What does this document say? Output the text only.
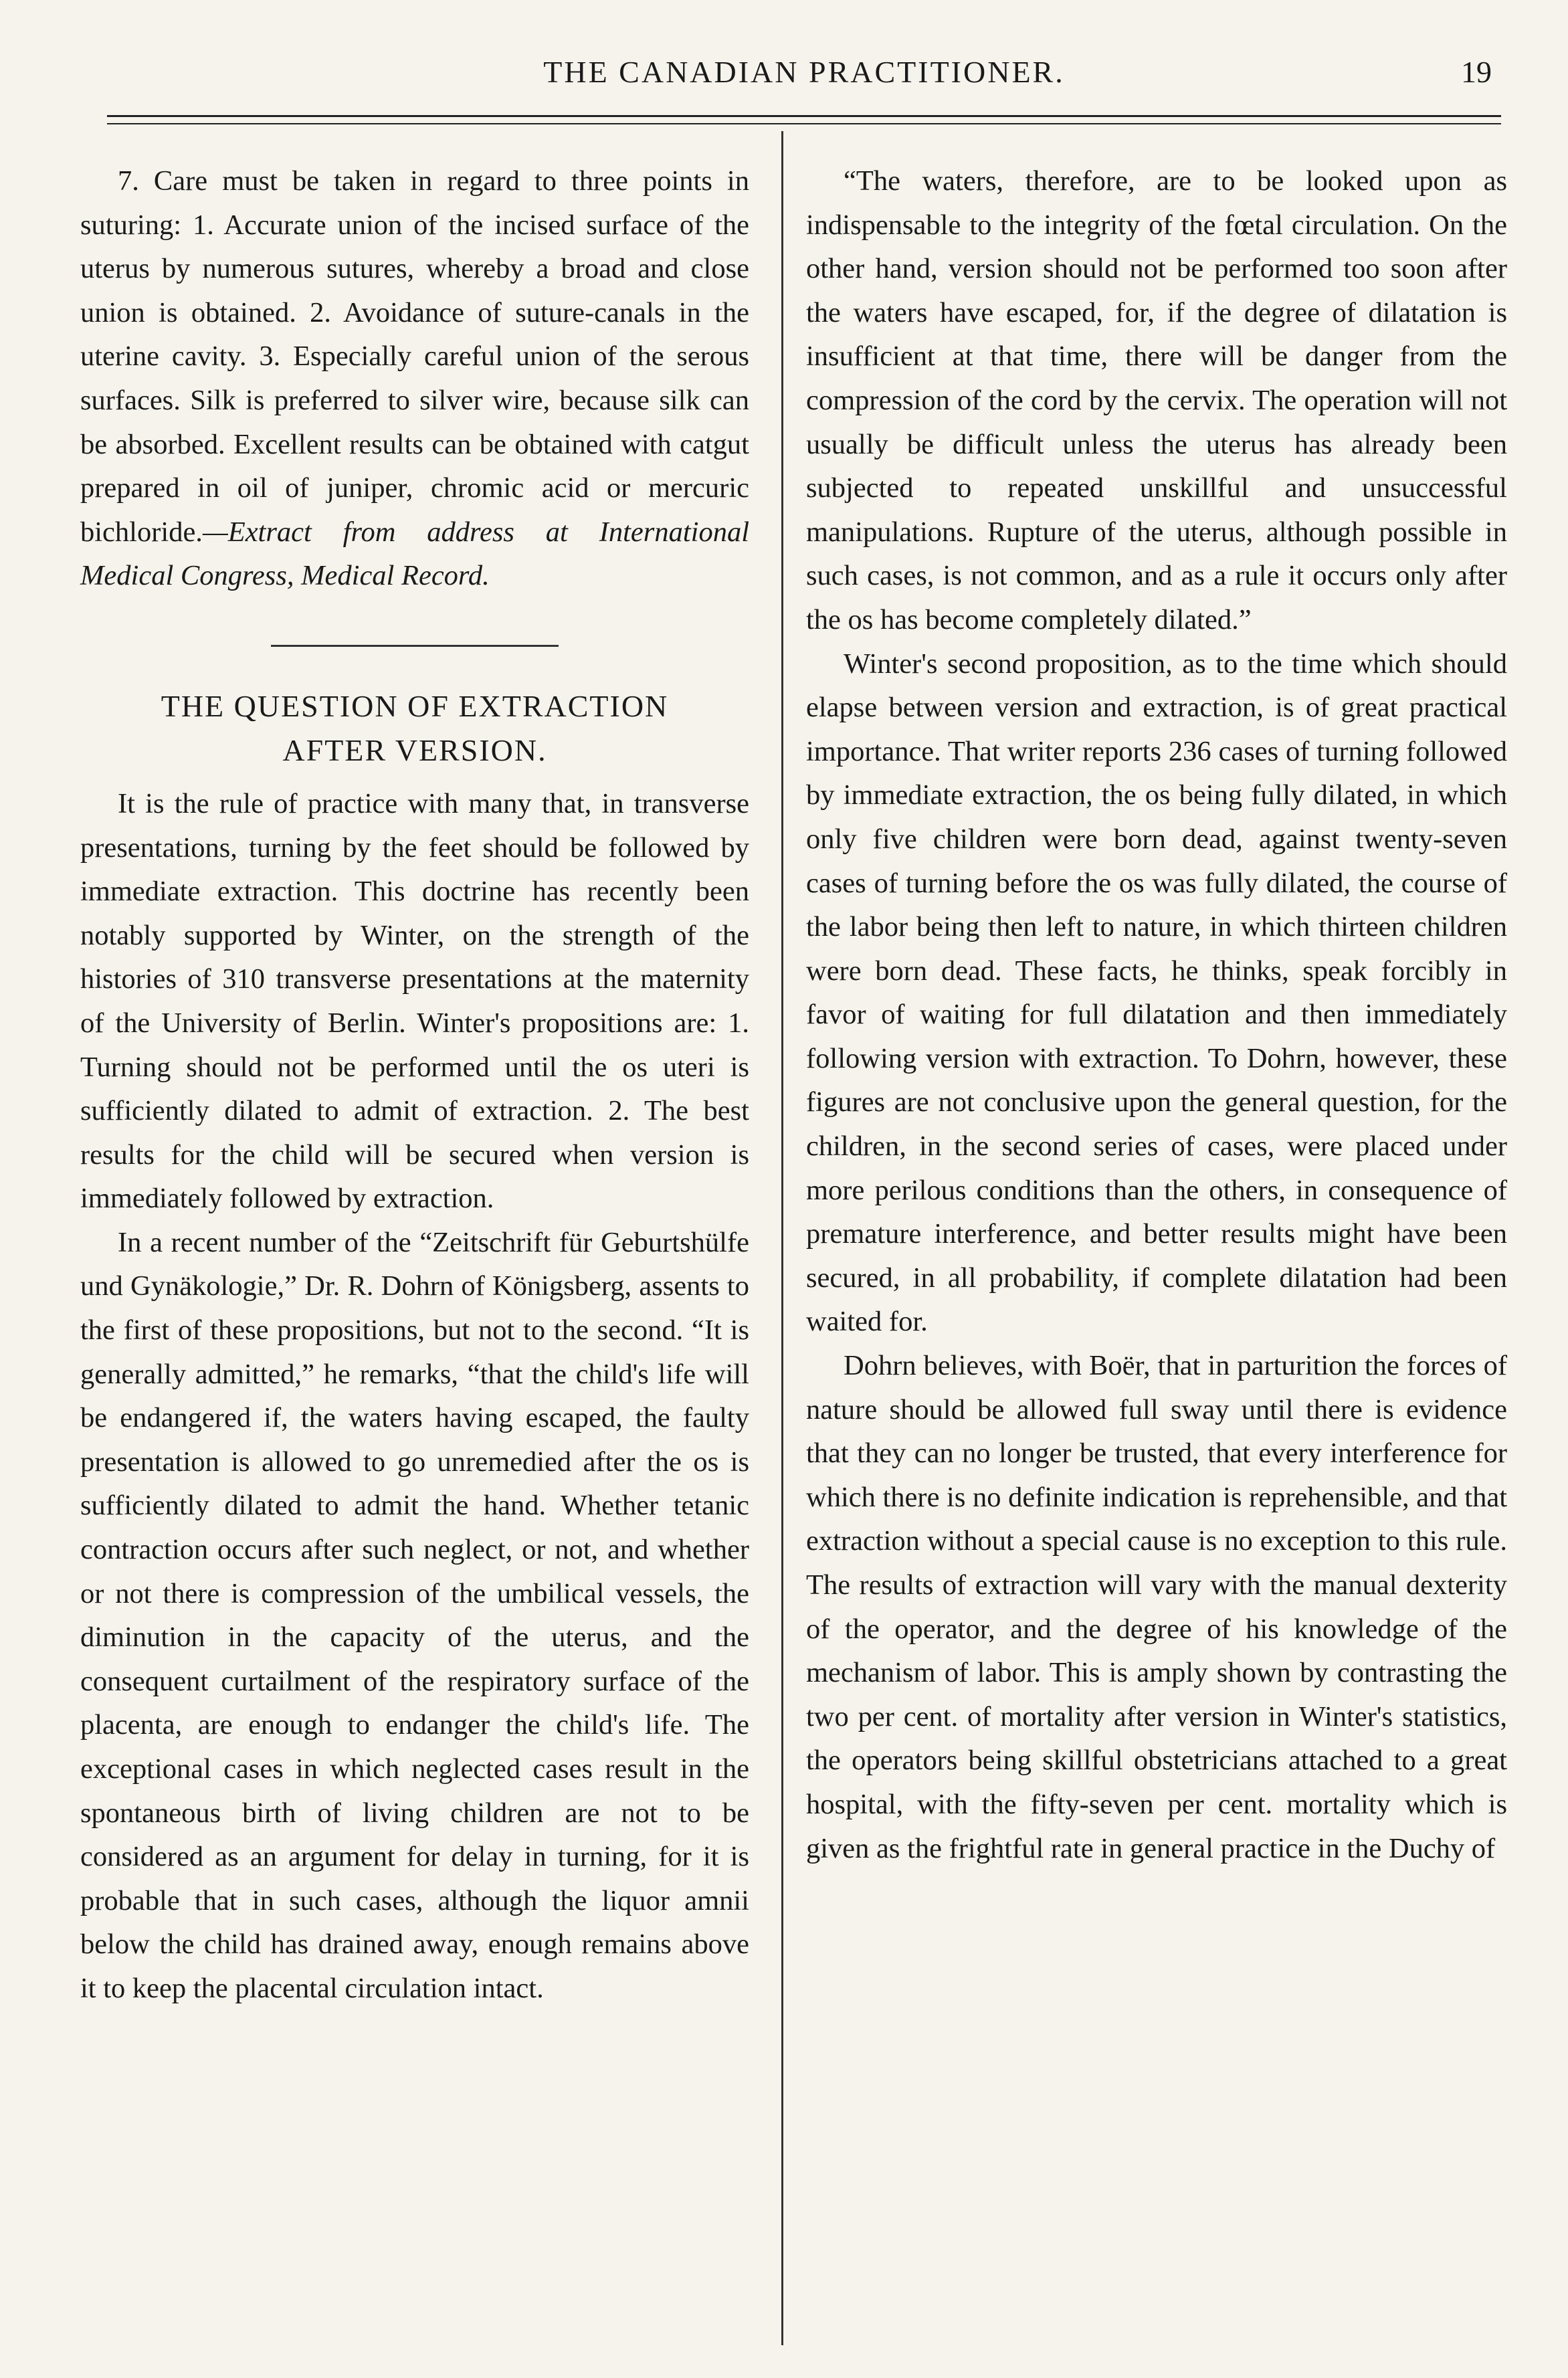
THE CANADIAN PRACTITIONER.	19

7. Care must be taken in regard to three points in suturing: 1. Accurate union of the incised surface of the uterus by numerous sutures, whereby a broad and close union is obtained. 2. Avoidance of suture-canals in the uterine cavity. 3. Especially careful union of the serous surfaces. Silk is preferred to silver wire, because silk can be absorbed. Excellent results can be obtained with catgut prepared in oil of juniper, chromic acid or mercuric bichloride.—Extract from address at International Medical Congress, Medical Record.

THE QUESTION OF EXTRACTION
AFTER VERSION.

It is the rule of practice with many that, in transverse presentations, turning by the feet should be followed by immediate extraction. This doctrine has recently been notably supported by Winter, on the strength of the histories of 310 transverse presentations at the maternity of the University of Berlin. Winter's propositions are: 1. Turning should not be performed until the os uteri is sufficiently dilated to admit of extraction. 2. The best results for the child will be secured when version is immediately followed by extraction.

In a recent number of the “Zeitschrift für Geburtshülfe und Gynäkologie,” Dr. R. Dohrn of Königsberg, assents to the first of these propositions, but not to the second. “It is generally admitted,” he remarks, “that the child's life will be endangered if, the waters having escaped, the faulty presentation is allowed to go unremedied after the os is sufficiently dilated to admit the hand. Whether tetanic contraction occurs after such neglect, or not, and whether or not there is compression of the umbilical vessels, the diminution in the capacity of the uterus, and the consequent curtailment of the respiratory surface of the placenta, are enough to endanger the child's life. The exceptional cases in which neglected cases result in the spontaneous birth of living children are not to be considered as an argument for delay in turning, for it is probable that in such cases, although the liquor amnii below the child has drained away, enough remains above it to keep the placental circulation intact.

“The waters, therefore, are to be looked upon as indispensable to the integrity of the fœtal circulation. On the other hand, version should not be performed too soon after the waters have escaped, for, if the degree of dilatation is insufficient at that time, there will be danger from the compression of the cord by the cervix. The operation will not usually be difficult unless the uterus has already been subjected to repeated unskillful and unsuccessful manipulations. Rupture of the uterus, although possible in such cases, is not common, and as a rule it occurs only after the os has become completely dilated.”

Winter's second proposition, as to the time which should elapse between version and extraction, is of great practical importance. That writer reports 236 cases of turning followed by immediate extraction, the os being fully dilated, in which only five children were born dead, against twenty-seven cases of turning before the os was fully dilated, the course of the labor being then left to nature, in which thirteen children were born dead. These facts, he thinks, speak forcibly in favor of waiting for full dilatation and then immediately following version with extraction. To Dohrn, however, these figures are not conclusive upon the general question, for the children, in the second series of cases, were placed under more perilous conditions than the others, in consequence of premature interference, and better results might have been secured, in all probability, if complete dilatation had been waited for.

Dohrn believes, with Boër, that in parturition the forces of nature should be allowed full sway until there is evidence that they can no longer be trusted, that every interference for which there is no definite indication is reprehensible, and that extraction without a special cause is no exception to this rule. The results of extraction will vary with the manual dexterity of the operator, and the degree of his knowledge of the mechanism of labor. This is amply shown by contrasting the two per cent. of mortality after version in Winter's statistics, the operators being skillful obstetricians attached to a great hospital, with the fifty-seven per cent. mortality which is given as the frightful rate in general practice in the Duchy of
